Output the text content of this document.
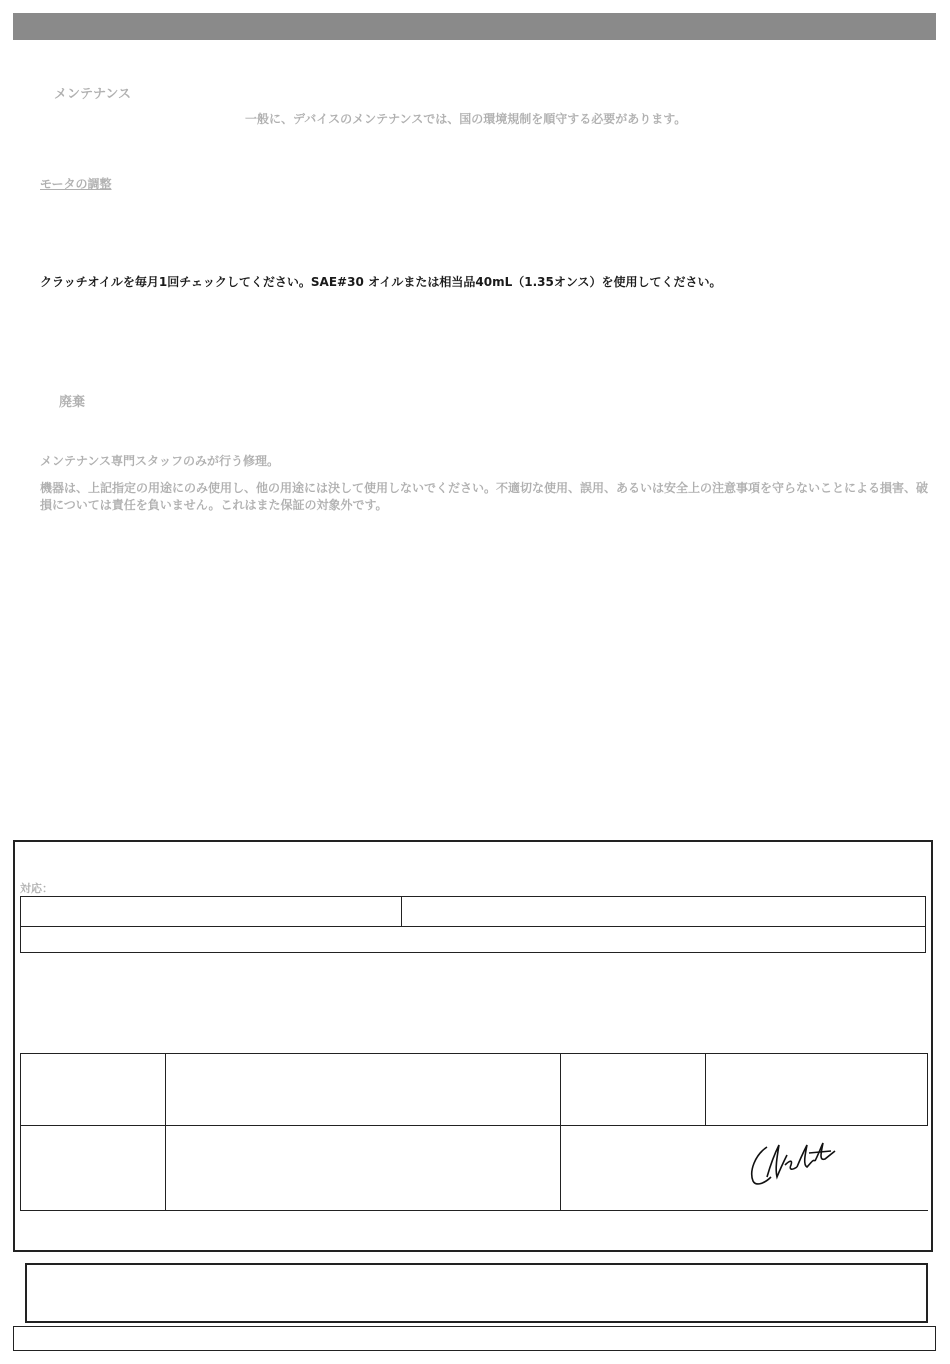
メンテナンス
一般に、デバイスのメンテナンスでは、国の環境規制を順守する必要があります。
モータの調整
クラッチオイルを毎月1回チェックしてください。SAE#30 オイルまたは相当品40mL（1.35オンス）を使用してください。
廃棄
メンテナンス専門スタッフのみが行う修理。
機器は、上記指定の用途にのみ使用し、他の用途には決して使用しないでください。不適切な使用、誤用、あるいは安全上の注意事項を守らないことによる損害、破損については責任を負いません。これはまた保証の対象外です。
対応：
